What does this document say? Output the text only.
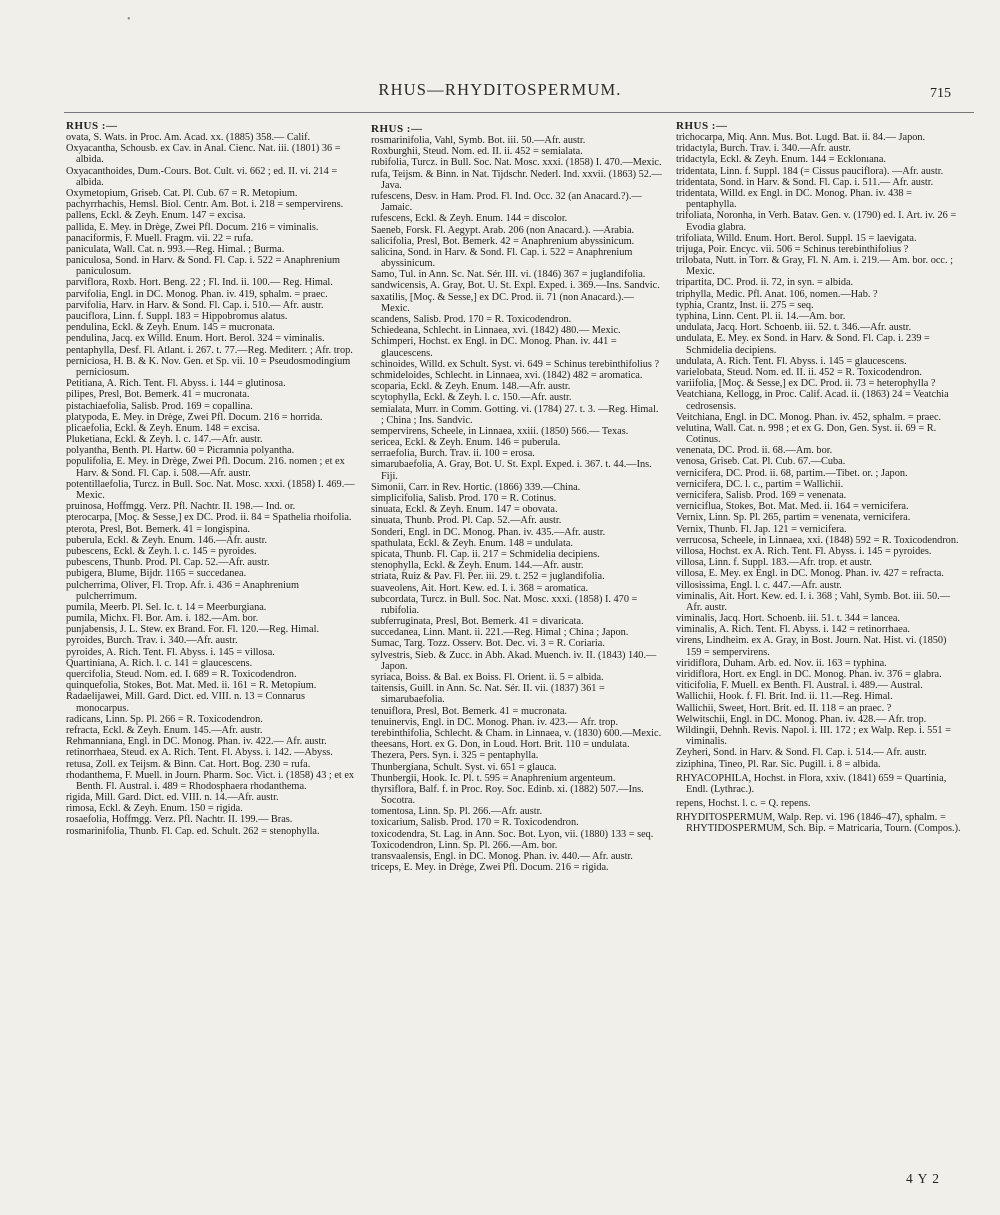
•
RHUS—RHYDITOSPERMUM.	715
RHUS :—

ovata, S. Wats. in Proc. Am. Acad. xx. (1885) 358.— Calif.

Oxyacantha, Schousb. ex Cav. in Anal. Cienc. Nat. iii. (1801) 36 = albida.

Oxyacanthoides, Dum.-Cours. Bot. Cult. vi. 662 ; ed. II. vi. 214 = albida.

Oxymetopium, Griseb. Cat. Pl. Cub. 67 = R. Metopium.

pachyrrhachis, Hemsl. Biol. Centr. Am. Bot. i. 218 = sempervirens.

pallens, Eckl. & Zeyh. Enum. 147 = excisa.

pallida, E. Mey. in Drège, Zwei Pfl. Docum. 216 = viminalis.

panaciformis, F. Muell. Fragm. vii. 22 = rufa.

paniculata, Wall. Cat. n. 993.—Reg. Himal. ; Burma.

paniculosa, Sond. in Harv. & Sond. Fl. Cap. i. 522 = Anaphrenium paniculosum.

parviflora, Roxb. Hort. Beng. 22 ; Fl. Ind. ii. 100.— Reg. Himal.

parvifolia, Engl. in DC. Monog. Phan. iv. 419, sphalm. = praec.

parvifolia, Harv. in Harv. & Sond. Fl. Cap. i. 510.— Afr. austr.

pauciflora, Linn. f. Suppl. 183 = Hippobromus alatus.

pendulina, Eckl. & Zeyh. Enum. 145 = mucronata.

pendulina, Jacq. ex Willd. Enum. Hort. Berol. 324 = viminalis.

pentaphylla, Desf. Fl. Atlant. i. 267. t. 77.—Reg. Mediterr. ; Afr. trop.

perniciosa, H. B. & K. Nov. Gen. et Sp. vii. 10 = Pseudosmodingium perniciosum.

Petitiana, A. Rich. Tent. Fl. Abyss. i. 144 = glutinosa.

pilipes, Presl, Bot. Bemerk. 41 = mucronata.

pistachiaefolia, Salisb. Prod. 169 = copallina.

platypoda, E. Mey. in Drège, Zwei Pfl. Docum. 216 = horrida.

plicaefolia, Eckl. & Zeyh. Enum. 148 = excisa.

Pluketiana, Eckl. & Zeyh. l. c. 147.—Afr. austr.

polyantha, Benth. Pl. Hartw. 60 = Picramnia polyantha.

populifolia, E. Mey. in Drège, Zwei Pfl. Docum. 216. nomen ; et ex Harv. & Sond. Fl. Cap. i. 508.—Afr. austr.

potentillaefolia, Turcz. in Bull. Soc. Nat. Mosc. xxxi. (1858) I. 469.—Mexic.

pruinosa, Hoffmgg. Verz. Pfl. Nachtr. II. 198.— Ind. or.

pterocarpa, [Moç. & Sesse,] ex DC. Prod. ii. 84 = Spathelia rhoifolia.

pterota, Presl, Bot. Bemerk. 41 = longispina.

puberula, Eckl. & Zeyh. Enum. 146.—Afr. austr.

pubescens, Eckl. & Zeyh. l. c. 145 = pyroides.

pubescens, Thunb. Prod. Pl. Cap. 52.—Afr. austr.

pubigera, Blume, Bijdr. 1165 = succedanea.

pulcherrima, Oliver, Fl. Trop. Afr. i. 436 = Anaphrenium pulcherrimum.

pumila, Meerb. Pl. Sel. Ic. t. 14 = Meerburgiana.

pumila, Michx. Fl. Bor. Am. i. 182.—Am. bor.

punjabensis, J. L. Stew. ex Brand. For. Fl. 120.—Reg. Himal.

pyroides, Burch. Trav. i. 340.—Afr. austr.

pyroides, A. Rich. Tent. Fl. Abyss. i. 145 = villosa.

Quartiniana, A. Rich. l. c. 141 = glaucescens.

quercifolia, Steud. Nom. ed. I. 689 = R. Toxicodendron.

quinquefolia, Stokes, Bot. Mat. Med. ii. 161 = R. Metopium.

Radaelijawei, Mill. Gard. Dict. ed. VIII. n. 13 = Connarus monocarpus.

radicans, Linn. Sp. Pl. 266 = R. Toxicodendron.

refracta, Eckl. & Zeyh. Enum. 145.—Afr. austr.

Rehmanniana, Engl. in DC. Monog. Phan. iv. 422.— Afr. austr.

retinorrhaea, Steud. ex A. Rich. Tent. Fl. Abyss. i. 142. —Abyss.

retusa, Zoll. ex Teijsm. & Binn. Cat. Hort. Bog. 230 = rufa.

rhodanthema, F. Muell. in Journ. Pharm. Soc. Vict. i. (1858) 43 ; et ex Benth. Fl. Austral. i. 489 = Rhodosphaera rhodanthema.

rigida, Mill. Gard. Dict. ed. VIII. n. 14.—Afr. austr.

rimosa, Eckl. & Zeyh. Enum. 150 = rigida.

rosaefolia, Hoffmgg. Verz. Pfl. Nachtr. II. 199.— Bras.

rosmarinifolia, Thunb. Fl. Cap. ed. Schult. 262 = stenophylla.

RHUS :—

rosmarinifolia, Vahl, Symb. Bot. iii. 50.—Afr. austr.

Roxburghii, Steud. Nom. ed. II. ii. 452 = semialata.

rubifolia, Turcz. in Bull. Soc. Nat. Mosc. xxxi. (1858) I. 470.—Mexic.

rufa, Teijsm. & Binn. in Nat. Tijdschr. Nederl. Ind. xxvii. (1863) 52.—Java.

rufescens, Desv. in Ham. Prod. Fl. Ind. Occ. 32 (an Anacard.?).—Jamaic.

rufescens, Eckl. & Zeyh. Enum. 144 = discolor.

Saeneb, Forsk. Fl. Aegypt. Arab. 206 (non Anacard.). —Arabia.

salicifolia, Presl, Bot. Bemerk. 42 = Anaphrenium abyssinicum.

salicina, Sond. in Harv. & Sond. Fl. Cap. i. 522 = Anaphrenium abyssinicum.

Samo, Tul. in Ann. Sc. Nat. Sér. III. vi. (1846) 367 = juglandifolia.

sandwicensis, A. Gray, Bot. U. St. Expl. Exped. i. 369.—Ins. Sandvic.

saxatilis, [Moç. & Sesse,] ex DC. Prod. ii. 71 (non Anacard.).—Mexic.

scandens, Salisb. Prod. 170 = R. Toxicodendron.

Schiedeana, Schlecht. in Linnaea, xvi. (1842) 480.— Mexic.

Schimperi, Hochst. ex Engl. in DC. Monog. Phan. iv. 441 = glaucescens.

schinoides, Willd. ex Schult. Syst. vi. 649 = Schinus terebinthifolius ?

schmideloides, Schlecht. in Linnaea, xvi. (1842) 482 = aromatica.

scoparia, Eckl. & Zeyh. Enum. 148.—Afr. austr.

scytophylla, Eckl. & Zeyh. l. c. 150.—Afr. austr.

semialata, Murr. in Comm. Gotting. vi. (1784) 27. t. 3. —Reg. Himal. ; China ; Ins. Sandvic.

sempervirens, Scheele, in Linnaea, xxiii. (1850) 566.— Texas.

sericea, Eckl. & Zeyh. Enum. 146 = puberula.

serraefolia, Burch. Trav. ii. 100 = erosa.

simarubaefolia, A. Gray, Bot. U. St. Expl. Exped. i. 367. t. 44.—Ins. Fiji.

Simonii, Carr. in Rev. Hortic. (1866) 339.—China.

simplicifolia, Salisb. Prod. 170 = R. Cotinus.

sinuata, Eckl. & Zeyh. Enum. 147 = obovata.

sinuata, Thunb. Prod. Pl. Cap. 52.—Afr. austr.

Sonderi, Engl. in DC. Monog. Phan. iv. 435.—Afr. austr.

spathulata, Eckl. & Zeyh. Enum. 148 = undulata.

spicata, Thunb. Fl. Cap. ii. 217 = Schmidelia decipiens.

stenophylla, Eckl. & Zeyh. Enum. 144.—Afr. austr.

striata, Ruiz & Pav. Fl. Per. iii. 29. t. 252 = juglandifolia.

suaveolens, Ait. Hort. Kew. ed. I. i. 368 = aromatica.

subcordata, Turcz. in Bull. Soc. Nat. Mosc. xxxi. (1858) I. 470 = rubifolia.

subferruginata, Presl, Bot. Bemerk. 41 = divaricata.

succedanea, Linn. Mant. ii. 221.—Reg. Himal ; China ; Japon.

Sumac, Targ. Tozz. Osserv. Bot. Dec. vi. 3 = R. Coriaria.

sylvestris, Sieb. & Zucc. in Abh. Akad. Muench. iv. II. (1843) 140.—Japon.

syriaca, Boiss. & Bal. ex Boiss. Fl. Orient. ii. 5 = albida.

taitensis, Guill. in Ann. Sc. Nat. Sér. II. vii. (1837) 361 = simarubaefolia.

tenuiflora, Presl, Bot. Bemerk. 41 = mucronata.

tenuinervis, Engl. in DC. Monog. Phan. iv. 423.— Afr. trop.

terebinthifolia, Schlecht. & Cham. in Linnaea, v. (1830) 600.—Mexic.

theesans, Hort. ex G. Don, in Loud. Hort. Brit. 110 = undulata.

Thezera, Pers. Syn. i. 325 = pentaphylla.

Thunbergiana, Schult. Syst. vi. 651 = glauca.

Thunbergii, Hook. Ic. Pl. t. 595 = Anaphrenium argenteum.

thyrsiflora, Balf. f. in Proc. Roy. Soc. Edinb. xi. (1882) 507.—Ins. Socotra.

tomentosa, Linn. Sp. Pl. 266.—Afr. austr.

toxicarium, Salisb. Prod. 170 = R. Toxicodendron.

toxicodendra, St. Lag. in Ann. Soc. Bot. Lyon, vii. (1880) 133 = seq.

Toxicodendron, Linn. Sp. Pl. 266.—Am. bor.

transvaalensis, Engl. in DC. Monog. Phan. iv. 440.— Afr. austr.

triceps, E. Mey. in Drège, Zwei Pfl. Docum. 216 = rigida.

RHUS :—

trichocarpa, Miq. Ann. Mus. Bot. Lugd. Bat. ii. 84.— Japon.

tridactyla, Burch. Trav. i. 340.—Afr. austr.

tridactyla, Eckl. & Zeyh. Enum. 144 = Ecklonıana.

tridentata, Linn. f. Suppl. 184 (= Cissus pauciflora). —Afr. austr.

tridentata, Sond. in Harv. & Sond. Fl. Cap. i. 511.— Afr. austr.

tridentata, Willd. ex Engl. in DC. Monog. Phan. iv. 438 = pentaphylla.

trifoliata, Noronha, in Verh. Batav. Gen. v. (1790) ed. I. Art. iv. 26 = Evodia glabra.

trifoliata, Willd. Enum. Hort. Berol. Suppl. 15 = laevigata.

trijuga, Poir. Encyc. vii. 506 = Schinus terebinthifolius ?

trilobata, Nutt. in Torr. & Gray, Fl. N. Am. i. 219.— Am. bor. occ. ; Mexic.

tripartita, DC. Prod. ii. 72, in syn. = albida.

triphylla, Medic. Pfl. Anat. 106, nomen.—Hab. ?

typhia, Crantz, Inst. ii. 275 = seq.

typhina, Linn. Cent. Pl. ii. 14.—Am. bor.

undulata, Jacq. Hort. Schoenb. iii. 52. t. 346.—Afr. austr.

undulata, E. Mey. ex Sond. in Harv. & Sond. Fl. Cap. i. 239 = Schmidelia decipiens.

undulata, A. Rich. Tent. Fl. Abyss. i. 145 = glaucescens.

varielobata, Steud. Nom. ed. II. ii. 452 = R. Toxicodendron.

variifolia, [Moç. & Sesse,] ex DC. Prod. ii. 73 = heterophylla ?

Veatchiana, Kellogg, in Proc. Calif. Acad. ii. (1863) 24 = Veatchia cedrosensis.

Veitchiana, Engl. in DC. Monog. Phan. iv. 452, sphalm. = praec.

velutina, Wall. Cat. n. 998 ; et ex G. Don, Gen. Syst. ii. 69 = R. Cotinus.

venenata, DC. Prod. ii. 68.—Am. bor.

venosa, Griseb. Cat. Pl. Cub. 67.—Cuba.

vernicifera, DC. Prod. ii. 68, partim.—Tibet. or. ; Japon.

vernicifera, DC. l. c., partim = Wallichii.

vernicifera, Salisb. Prod. 169 = venenata.

verniciflua, Stokes, Bot. Mat. Med. ii. 164 = vernicifera.

Vernix, Linn. Sp. Pl. 265, partim = venenata, vernicifera.

Vernix, Thunb. Fl. Jap. 121 = vernicifera.

verrucosa, Scheele, in Linnaea, xxi. (1848) 592 = R. Toxicodendron.

villosa, Hochst. ex A. Rich. Tent. Fl. Abyss. i. 145 = pyroides.

villosa, Linn. f. Suppl. 183.—Afr. trop. et austr.

villosa, E. Mey. ex Engl. in DC. Monog. Phan. iv. 427 = refracta.

villosissima, Engl. l. c. 447.—Afr. austr.

viminalis, Ait. Hort. Kew. ed. I. i. 368 ; Vahl, Symb. Bot. iii. 50.—Afr. austr.

viminalis, Jacq. Hort. Schoenb. iii. 51. t. 344 = lancea.

viminalis, A. Rich. Tent. Fl. Abyss. i. 142 = retinorrhaea.

virens, Lindheim. ex A. Gray, in Bost. Journ. Nat. Hist. vi. (1850) 159 = sempervirens.

viridiflora, Duham. Arb. ed. Nov. ii. 163 = typhina.

viridiflora, Hort. ex Engl. in DC. Monog. Phan. iv. 376 = glabra.

viticifolia, F. Muell. ex Benth. Fl. Austral. i. 489.— Austral.

Wallichii, Hook. f. Fl. Brit. Ind. ii. 11.—Reg. Himal.

Wallichii, Sweet, Hort. Brit. ed. II. 118 = an praec. ?

Welwitschii, Engl. in DC. Monog. Phan. iv. 428.— Afr. trop.

Wildingii, Dehnh. Revis. Napol. i. III. 172 ; ex Walp. Rep. i. 551 = viminalis.

Zeyheri, Sond. in Harv. & Sond. Fl. Cap. i. 514.— Afr. austr.

ziziphina, Tineo, Pl. Rar. Sic. Pugill. i. 8 = albida.

RHYACOPHILA, Hochst. in Flora, xxiv. (1841) 659 = Quartinia, Endl. (Lythrac.).

repens, Hochst. l. c. = Q. repens.

RHYDITOSPERMUM, Walp. Rep. vi. 196 (1846–47), sphalm. = RHYTIDOSPERMUM, Sch. Bip. = Matricaria, Tourn. (Compos.).

4 Y 2
